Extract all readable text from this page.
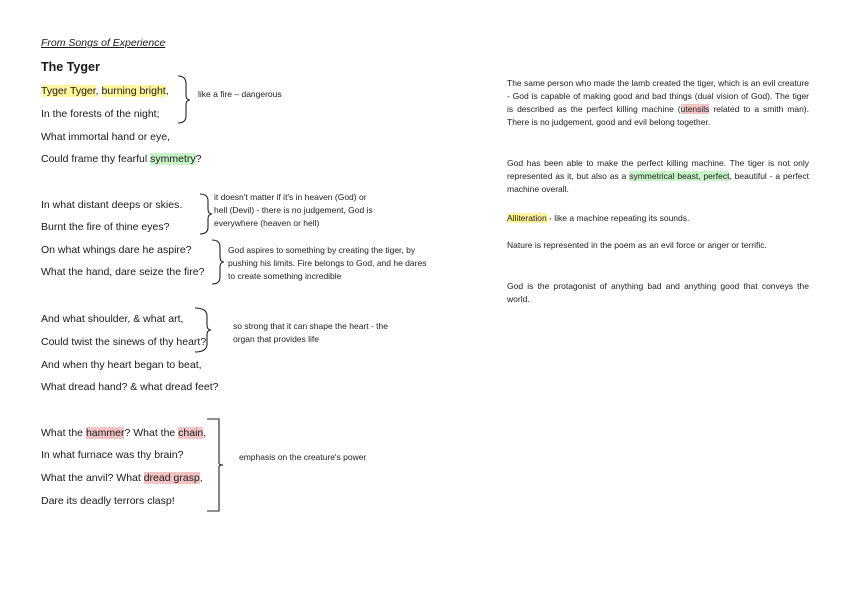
From Songs of Experience
The Tyger
Tyger Tyger, burning bright,
In the forests of the night;
What immortal hand or eye,
Could frame thy fearful symmetry?
In what distant deeps or skies.
Burnt the fire of thine eyes?
On what whings dare he aspire?
What the hand, dare seize the fire?
And what shoulder, & what art,
Could twist the sinews of thy heart?
And when thy heart began to beat,
What dread hand? & what dread feet?
What the hammer? What the chain,
In what furnace was thy brain?
What the anvil? What dread grasp,
Dare its deadly terrors clasp!
like a fire – dangerous
it doesn't matter if it's in heaven (God) or
hell (Devil) - there is no judgement, God is
everywhere (heaven or hell)
God aspires to something by creating the tiger, by
pushing his limits. Fire belongs to God, and he dares
to create something incredible
so strong that it can shape the heart - the
organ that provides life
emphasis on the creature's power
The same person who made the lamb created the tiger, which is an evil creature - God is capable of making good and bad things (dual vision of God). The tiger is described as the perfect killing machine (utensils related to a smith man). There is no judgement, good and evil belong together.
God has been able to make the perfect killing machine. The tiger is not only represented as it, but also as a symmetrical beast, perfect, beautiful - a perfect machine overall.
Alliteration - like a machine repeating its sounds.
Nature is represented in the poem as an evil force or anger or terrific.
God is the protagonist of anything bad and anything good that conveys the world.
